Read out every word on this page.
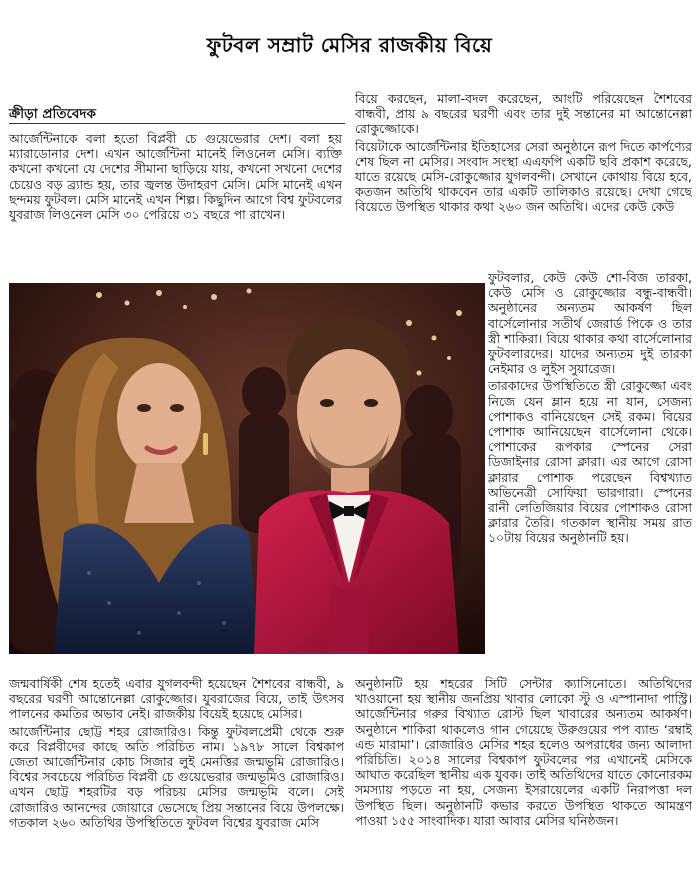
ফুটবল সম্রাট মেসির রাজকীয় বিয়ে
ক্রীড়া প্রতিবেদক

আর্জেন্টিনাকে বলা হতো বিপ্লবী চে গুয়েভেরার দেশ। বলা হয় ম্যারাডোনার দেশ। এখন আর্জেন্টিনা মানেই লিওনেল মেসি। ব্যক্তি কখনো কখনো যে দেশের সীমানা ছাড়িয়ে যায়, কখনো সখনো দেশের চেয়েও বড় ব্র্যান্ড হয়, তার জ্বলন্ত উদাহরণ মেসি। মেসি মানেই এখন ছন্দময় ফুটবল। মেসি মানেই এখন শিল্প। কিছুদিন আগে বিশ্ব ফুটবলের যুবরাজ লিওনেল মেসি ৩০ পেরিয়ে ৩১ বছরে পা রাখেন।

বিয়ে করছেন, মালা-বদল করেছেন, আংটি পরিয়েছেন শৈশবের বান্ধবী, প্রায় ৯ বছরের ঘরণী এবং তার দুই সন্তানের মা আন্তোনেল্লা রোকুজ্জোকে।

বিয়েটাকে আর্জেন্টিনার ইতিহাসের সেরা অনুষ্ঠানে রূপ দিতে কার্পণ্যের শেষ ছিল না মেসির। সংবাদ সংস্থা এএফপি একটি ছবি প্রকাশ করেছে, যাতে রয়েছে মেসি-রোকুজ্জোর যুগলবন্দী। সেখানে কোথায় বিয়ে হবে, কতজন অতিথি থাকবেন তার একটি তালিকাও রয়েছে। দেখা গেছে বিয়েতে উপস্থিত থাকার কথা ২৬০ জন অতিথি। এদের কেউ কেউ

ফুটবলার, কেউ কেউ শো-বিজ তারকা, কেউ মেসি ও রোকুজ্জোর বন্ধু-বান্ধবী। অনুষ্ঠানের অন্যতম আকর্ষণ ছিল বার্সেলোনার সতীর্থ জেরার্ড পিকে ও তার স্ত্রী শাকিরা। বিয়ে থাকার কথা বার্সেলোনার ফুটবলারদের। যাদের অন্যতম দুই তারকা নেইমার ও লুইস সুয়ারেজ।

তারকাদের উপস্থিতিতে স্ত্রী রোকুজ্জো এবং নিজে যেন ম্লান হয়ে না যান, সেজন্য পোশাকও বানিয়েছেন সেই রকম। বিয়ের পোশাক আনিয়েছেন বার্সেলোনা থেকে। পোশাকের রূপকার স্পেনের সেরা ডিজাইনার রোসা ক্লারা। এর আগে রোসা ক্লারার পোশাক পরেছেন বিশ্বখ্যাত অভিনেত্রী সোফিয়া ভারগারা। স্পেনের রানী লেতিজিয়ার বিয়ের পোশাকও রোসা ক্লারার তৈরি। গতকাল স্থানীয় সময় রাত ১০টায় বিয়ের অনুষ্ঠানটি হয়।

জন্মবার্ষিকী শেষ হতেই এবার যুগলবন্দী হয়েছেন শৈশবের বান্ধবী, ৯ বছরের ঘরণী আন্তোনেল্লা রোকুজ্জোর। যুবরাজের বিয়ে, তাই উৎসব পালনের কমতির অভাব নেই। রাজকীয় বিয়েই হয়েছে মেসির।

আর্জেন্টিনার ছোট্ট শহর রোজারিও। কিন্তু ফুটবলপ্রেমী থেকে শুরু করে বিপ্লবীদের কাছে অতি পরিচিত নাম। ১৯৭৮ সালে বিশ্বকাপ জেতা আর্জেন্টিনার কোচ সিজার লুই মেনত্তির জন্মভূমি রোজারিও। বিশ্বের সবচেয়ে পরিচিত বিপ্লবী চে গুয়েভেরার জন্মভূমিও রোজারিও। এখন ছোট্ট শহরটির বড় পরিচয় মেসির জন্মভূমি বলে। সেই রোজারিও আনন্দের জোয়ারে ভেসেছে প্রিয় সন্তানের বিয়ে উপলক্ষে। গতকাল ২৬০ অতিথির উপস্থিতিতে ফুটবল বিশ্বের যুবরাজ মেসি

অনুষ্ঠানটি হয় শহরের সিটি সেন্টার ক্যাসিনোতে। অতিথিদের খাওয়ানো হয় স্থানীয় জনপ্রিয় খাবার লোকো স্টু ও এস্পানাদা পাস্ট্রি। আর্জেন্টিনার গরুর বিখ্যাত রোস্ট ছিল খাবারের অন্যতম আকর্ষণ। অনুষ্ঠানে শাকিরা থাকলেও গান গেয়েছে উরুগুয়ের পপ ব্যান্ড ‘রম্বাই এন্ড মারামা’। রোজারিও মেসির শহর হলেও অপরাধের জন্য আলাদা পরিচিতি। ২০১৪ সালের বিশ্বকাপ ফুটবলের পর এখানেই মেসিকে আঘাত করেছিল স্থানীয় এক যুবক। তাই অতিথিদের যাতে কোনোরকম সমস্যায় পড়তে না হয়, সেজন্য ইসরায়েলের একটি নিরাপত্তা দল উপস্থিত ছিল। অনুষ্ঠানটি কভার করতে উপস্থিত থাকতে আমন্ত্রণ পাওয়া ১৫৫ সাংবাদিক। যারা আবার মেসির ঘনিষ্ঠজন।
